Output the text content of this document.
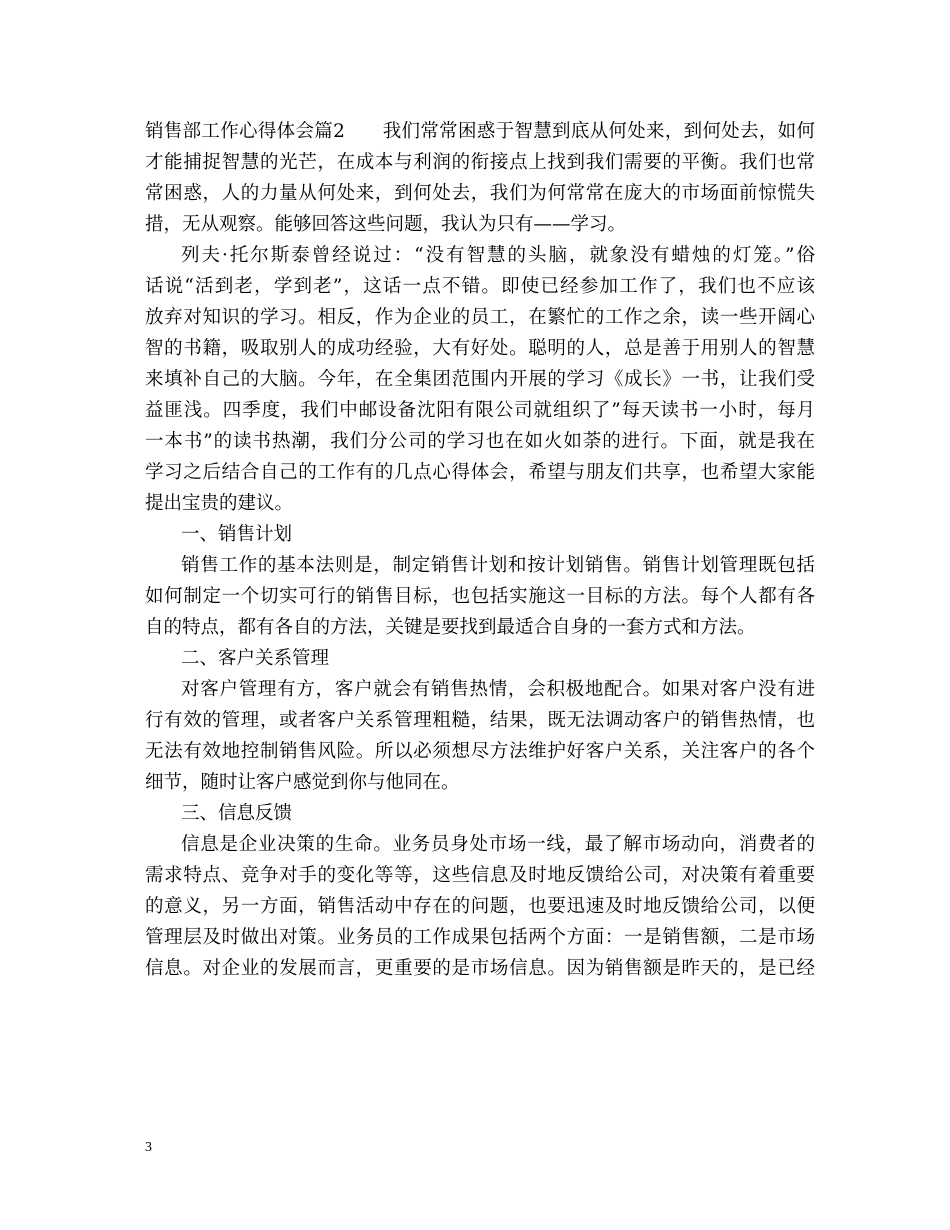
销售部工作心得体会篇2　　我们常常困惑于智慧到底从何处来，到何处去，如何
才能捕捉智慧的光芒，在成本与利润的衔接点上找到我们需要的平衡。我们也常
常困惑，人的力量从何处来，到何处去，我们为何常常在庞大的市场面前惊慌失
措，无从观察。能够回答这些问题，我认为只有——学习。
列夫·托尔斯泰曾经说过：“没有智慧的头脑，就象没有蜡烛的灯笼。”俗
话说“活到老，学到老”，这话一点不错。即使已经参加工作了，我们也不应该
放弃对知识的学习。相反，作为企业的员工，在繁忙的工作之余，读一些开阔心
智的书籍，吸取别人的成功经验，大有好处。聪明的人，总是善于用别人的智慧
来填补自己的大脑。今年，在全集团范围内开展的学习《成长》一书，让我们受
益匪浅。四季度，我们中邮设备沈阳有限公司就组织了”每天读书一小时，每月
一本书”的读书热潮，我们分公司的学习也在如火如荼的进行。下面，就是我在
学习之后结合自己的工作有的几点心得体会，希望与朋友们共享，也希望大家能
提出宝贵的建议。
一、销售计划
销售工作的基本法则是，制定销售计划和按计划销售。销售计划管理既包括
如何制定一个切实可行的销售目标，也包括实施这一目标的方法。每个人都有各
自的特点，都有各自的方法，关键是要找到最适合自身的一套方式和方法。
二、客户关系管理
对客户管理有方，客户就会有销售热情，会积极地配合。如果对客户没有进
行有效的管理，或者客户关系管理粗糙，结果，既无法调动客户的销售热情，也
无法有效地控制销售风险。所以必须想尽方法维护好客户关系，关注客户的各个
细节，随时让客户感觉到你与他同在。
三、信息反馈
信息是企业决策的生命。业务员身处市场一线，最了解市场动向，消费者的
需求特点、竞争对手的变化等等，这些信息及时地反馈给公司，对决策有着重要
的意义，另一方面，销售活动中存在的问题，也要迅速及时地反馈给公司，以便
管理层及时做出对策。业务员的工作成果包括两个方面：一是销售额，二是市场
信息。对企业的发展而言，更重要的是市场信息。因为销售额是昨天的，是已经
3
